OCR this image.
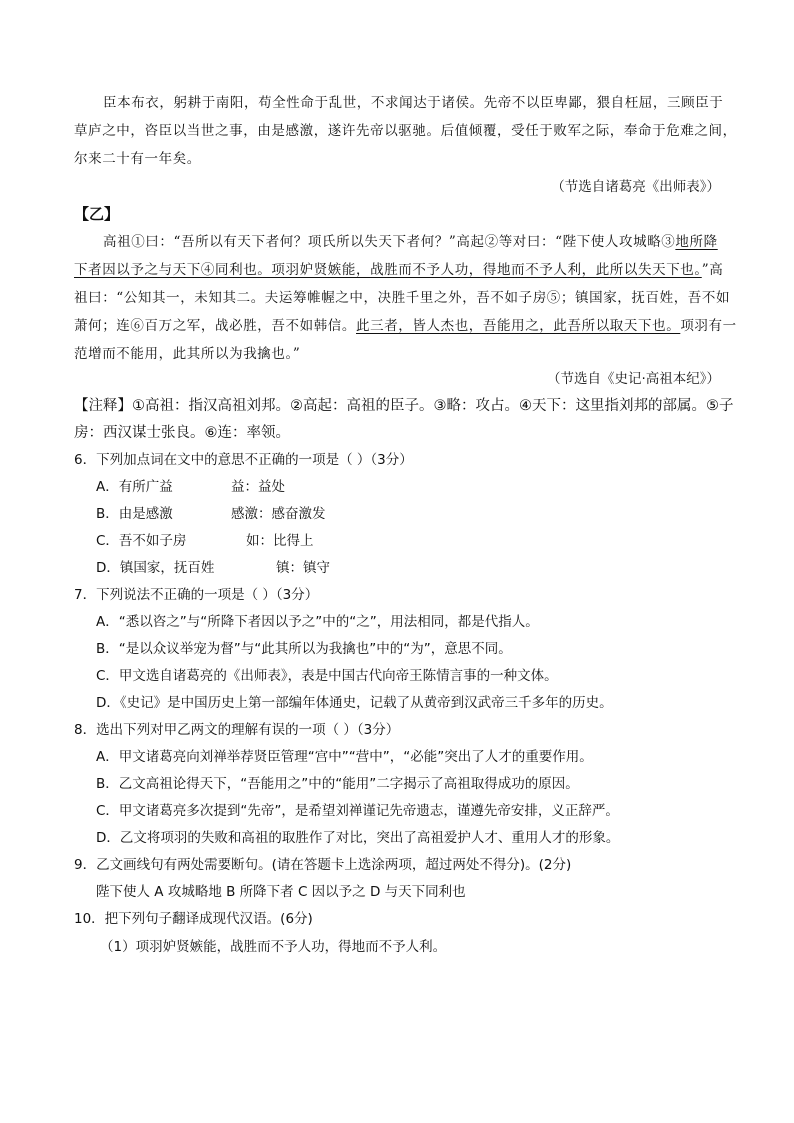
臣本布衣，躬耕于南阳，苟全性命于乱世，不求闻达于诸侯。先帝不以臣卑鄙，猥自枉屈，三顾臣于
草庐之中，咨臣以当世之事，由是感激，遂许先帝以驱驰。后值倾覆，受任于败军之际，奉命于危难之间，
尔来二十有一年矣。
（节选自诸葛亮《出师表》）
【乙】
高祖①曰：“吾所以有天下者何？项氏所以失天下者何？”高起②等对曰：“陛下使人攻城略③地所降
下者因以予之与天下④同利也。项羽妒贤嫉能，战胜而不予人功，得地而不予人利，此所以失天下也。”高
祖曰：“公知其一，未知其二。夫运筹帷幄之中，决胜千里之外，吾不如子房⑤；镇国家，抚百姓，吾不如
萧何；连⑥百万之军，战必胜，吾不如韩信。此三者，皆人杰也，吾能用之，此吾所以取天下也。项羽有一
范增而不能用，此其所以为我擒也。”
（节选自《史记·高祖本纪》）
【注释】①高祖：指汉高祖刘邦。②高起：高祖的臣子。③略：攻占。④天下：这里指刘邦的部属。⑤子
房：西汉谋士张良。⑥连：率领。
6．下列加点词在文中的意思不正确的一项是（ ）（3分）
A．有所广益	益：益处
B．由是感激	感激：感奋激发
C．吾不如子房	如：比得上
D．镇国家，抚百姓	镇：镇守
7．下列说法不正确的一项是（ ）（3分）
A．“悉以咨之”与“所降下者因以予之”中的“之”，用法相同，都是代指人。
B．“是以众议举宠为督”与“此其所以为我擒也”中的“为”，意思不同。
C．甲文选自诸葛亮的《出师表》，表是中国古代向帝王陈情言事的一种文体。
D．《史记》是中国历史上第一部编年体通史，记载了从黄帝到汉武帝三千多年的历史。
8．选出下列对甲乙两文的理解有误的一项（ ）（3分）
A．甲文诸葛亮向刘禅举荐贤臣管理“宫中”“营中”，“必能”突出了人才的重要作用。
B．乙文高祖论得天下，“吾能用之”中的“能用”二字揭示了高祖取得成功的原因。
C．甲文诸葛亮多次提到“先帝”，是希望刘禅谨记先帝遗志，谨遵先帝安排，义正辞严。
D．乙文将项羽的失败和高祖的取胜作了对比，突出了高祖爱护人才、重用人才的形象。
9．乙文画线句有两处需要断句。(请在答题卡上选涂两项，超过两处不得分)。(2分)
陛下使人 A 攻城略地 B 所降下者 C 因以予之 D 与天下同利也
10．把下列句子翻译成现代汉语。(6分)
（1）项羽妒贤嫉能，战胜而不予人功，得地而不予人利。
